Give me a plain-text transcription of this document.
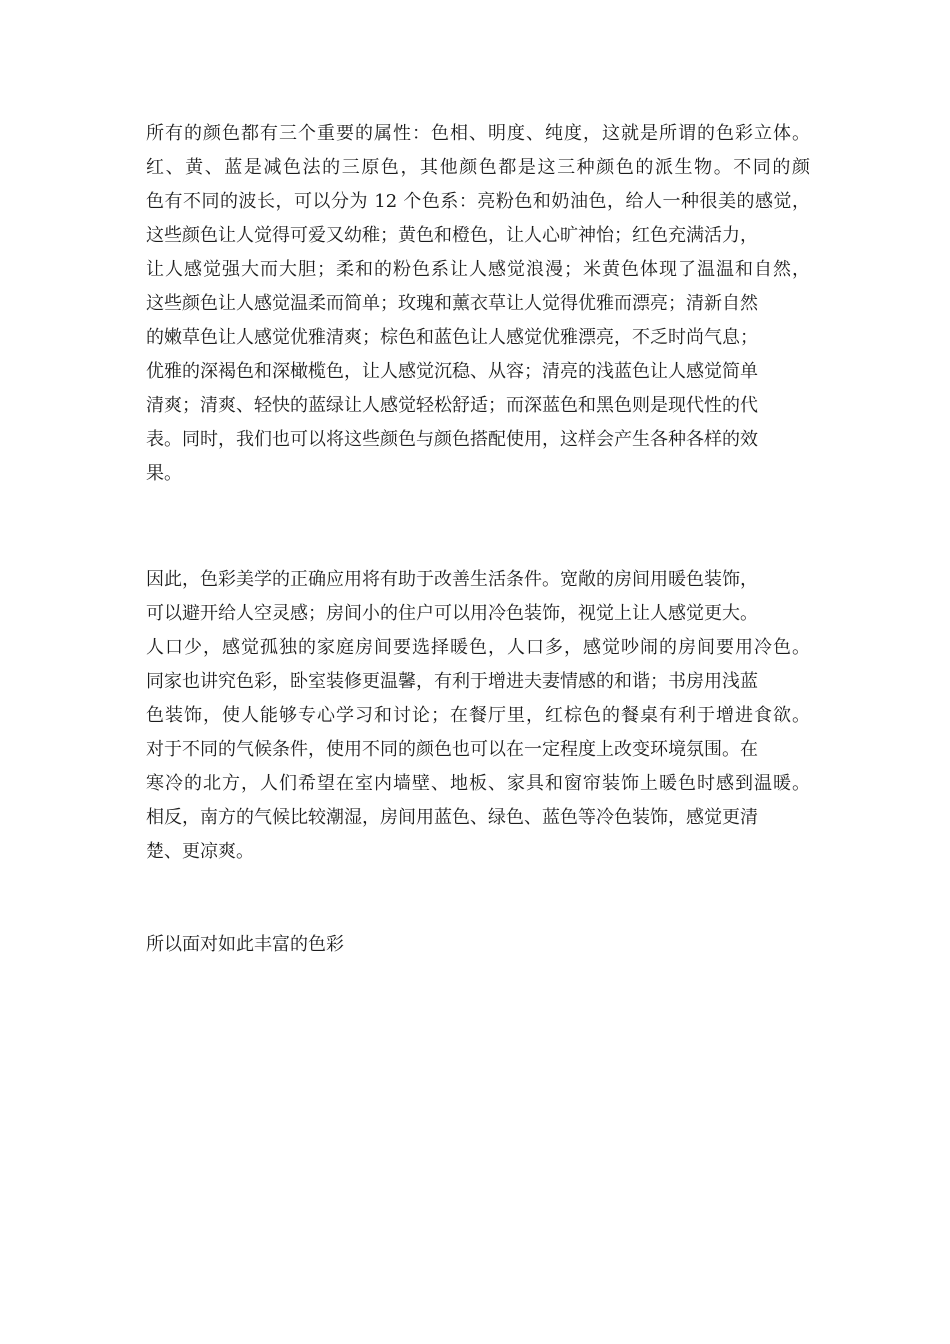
所有的颜色都有三个重要的属性：色相、明度、纯度，这就是所谓的色彩立体。
红、黄、蓝是减色法的三原色，其他颜色都是这三种颜色的派生物。不同的颜
色有不同的波长，可以分为 12 个色系：亮粉色和奶油色，给人一种很美的感觉，
这些颜色让人觉得可爱又幼稚；黄色和橙色，让人心旷神怡；红色充满活力，
让人感觉强大而大胆；柔和的粉色系让人感觉浪漫；米黄色体现了温温和自然，
这些颜色让人感觉温柔而简单；玫瑰和薰衣草让人觉得优雅而漂亮；清新自然
的嫩草色让人感觉优雅清爽；棕色和蓝色让人感觉优雅漂亮，不乏时尚气息；
优雅的深褐色和深橄榄色，让人感觉沉稳、从容；清亮的浅蓝色让人感觉简单
清爽；清爽、轻快的蓝绿让人感觉轻松舒适；而深蓝色和黑色则是现代性的代
表。同时，我们也可以将这些颜色与颜色搭配使用，这样会产生各种各样的效
果。
因此，色彩美学的正确应用将有助于改善生活条件。宽敞的房间用暖色装饰，
可以避开给人空灵感；房间小的住户可以用冷色装饰，视觉上让人感觉更大。
人口少，感觉孤独的家庭房间要选择暖色，人口多，感觉吵闹的房间要用冷色。
同家也讲究色彩，卧室装修更温馨，有利于增进夫妻情感的和谐；书房用浅蓝
色装饰，使人能够专心学习和讨论；在餐厅里，红棕色的餐桌有利于增进食欲。
对于不同的气候条件，使用不同的颜色也可以在一定程度上改变环境氛围。在
寒冷的北方，人们希望在室内墙壁、地板、家具和窗帘装饰上暖色时感到温暖。
相反，南方的气候比较潮湿，房间用蓝色、绿色、蓝色等冷色装饰，感觉更清
楚、更凉爽。
所以面对如此丰富的色彩
